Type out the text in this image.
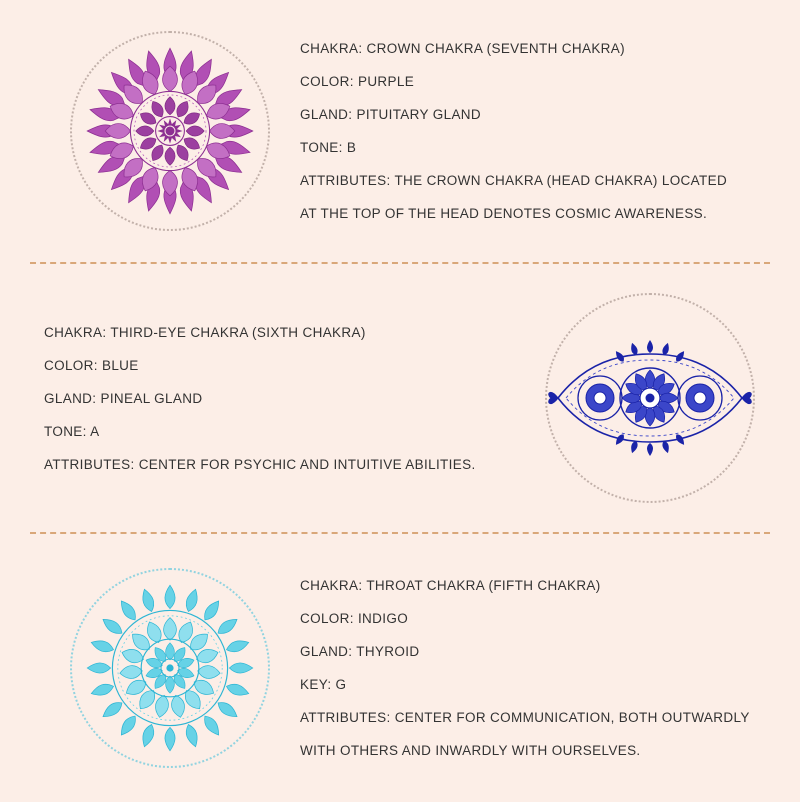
CHAKRA: CROWN CHAKRA (SEVENTH CHAKRA)
COLOR: PURPLE
GLAND: PITUITARY GLAND
TONE: B
ATTRIBUTES: THE CROWN CHAKRA (HEAD CHAKRA) LOCATED
AT THE TOP OF THE HEAD DENOTES COSMIC AWARENESS.
CHAKRA: THIRD-EYE CHAKRA (SIXTH CHAKRA)
COLOR: BLUE
GLAND: PINEAL GLAND
TONE: A
ATTRIBUTES: CENTER FOR PSYCHIC AND INTUITIVE ABILITIES.
CHAKRA: THROAT CHAKRA (FIFTH CHAKRA)
COLOR: INDIGO
GLAND: THYROID
KEY: G
ATTRIBUTES: CENTER FOR COMMUNICATION, BOTH OUTWARDLY
WITH OTHERS AND INWARDLY WITH OURSELVES.
